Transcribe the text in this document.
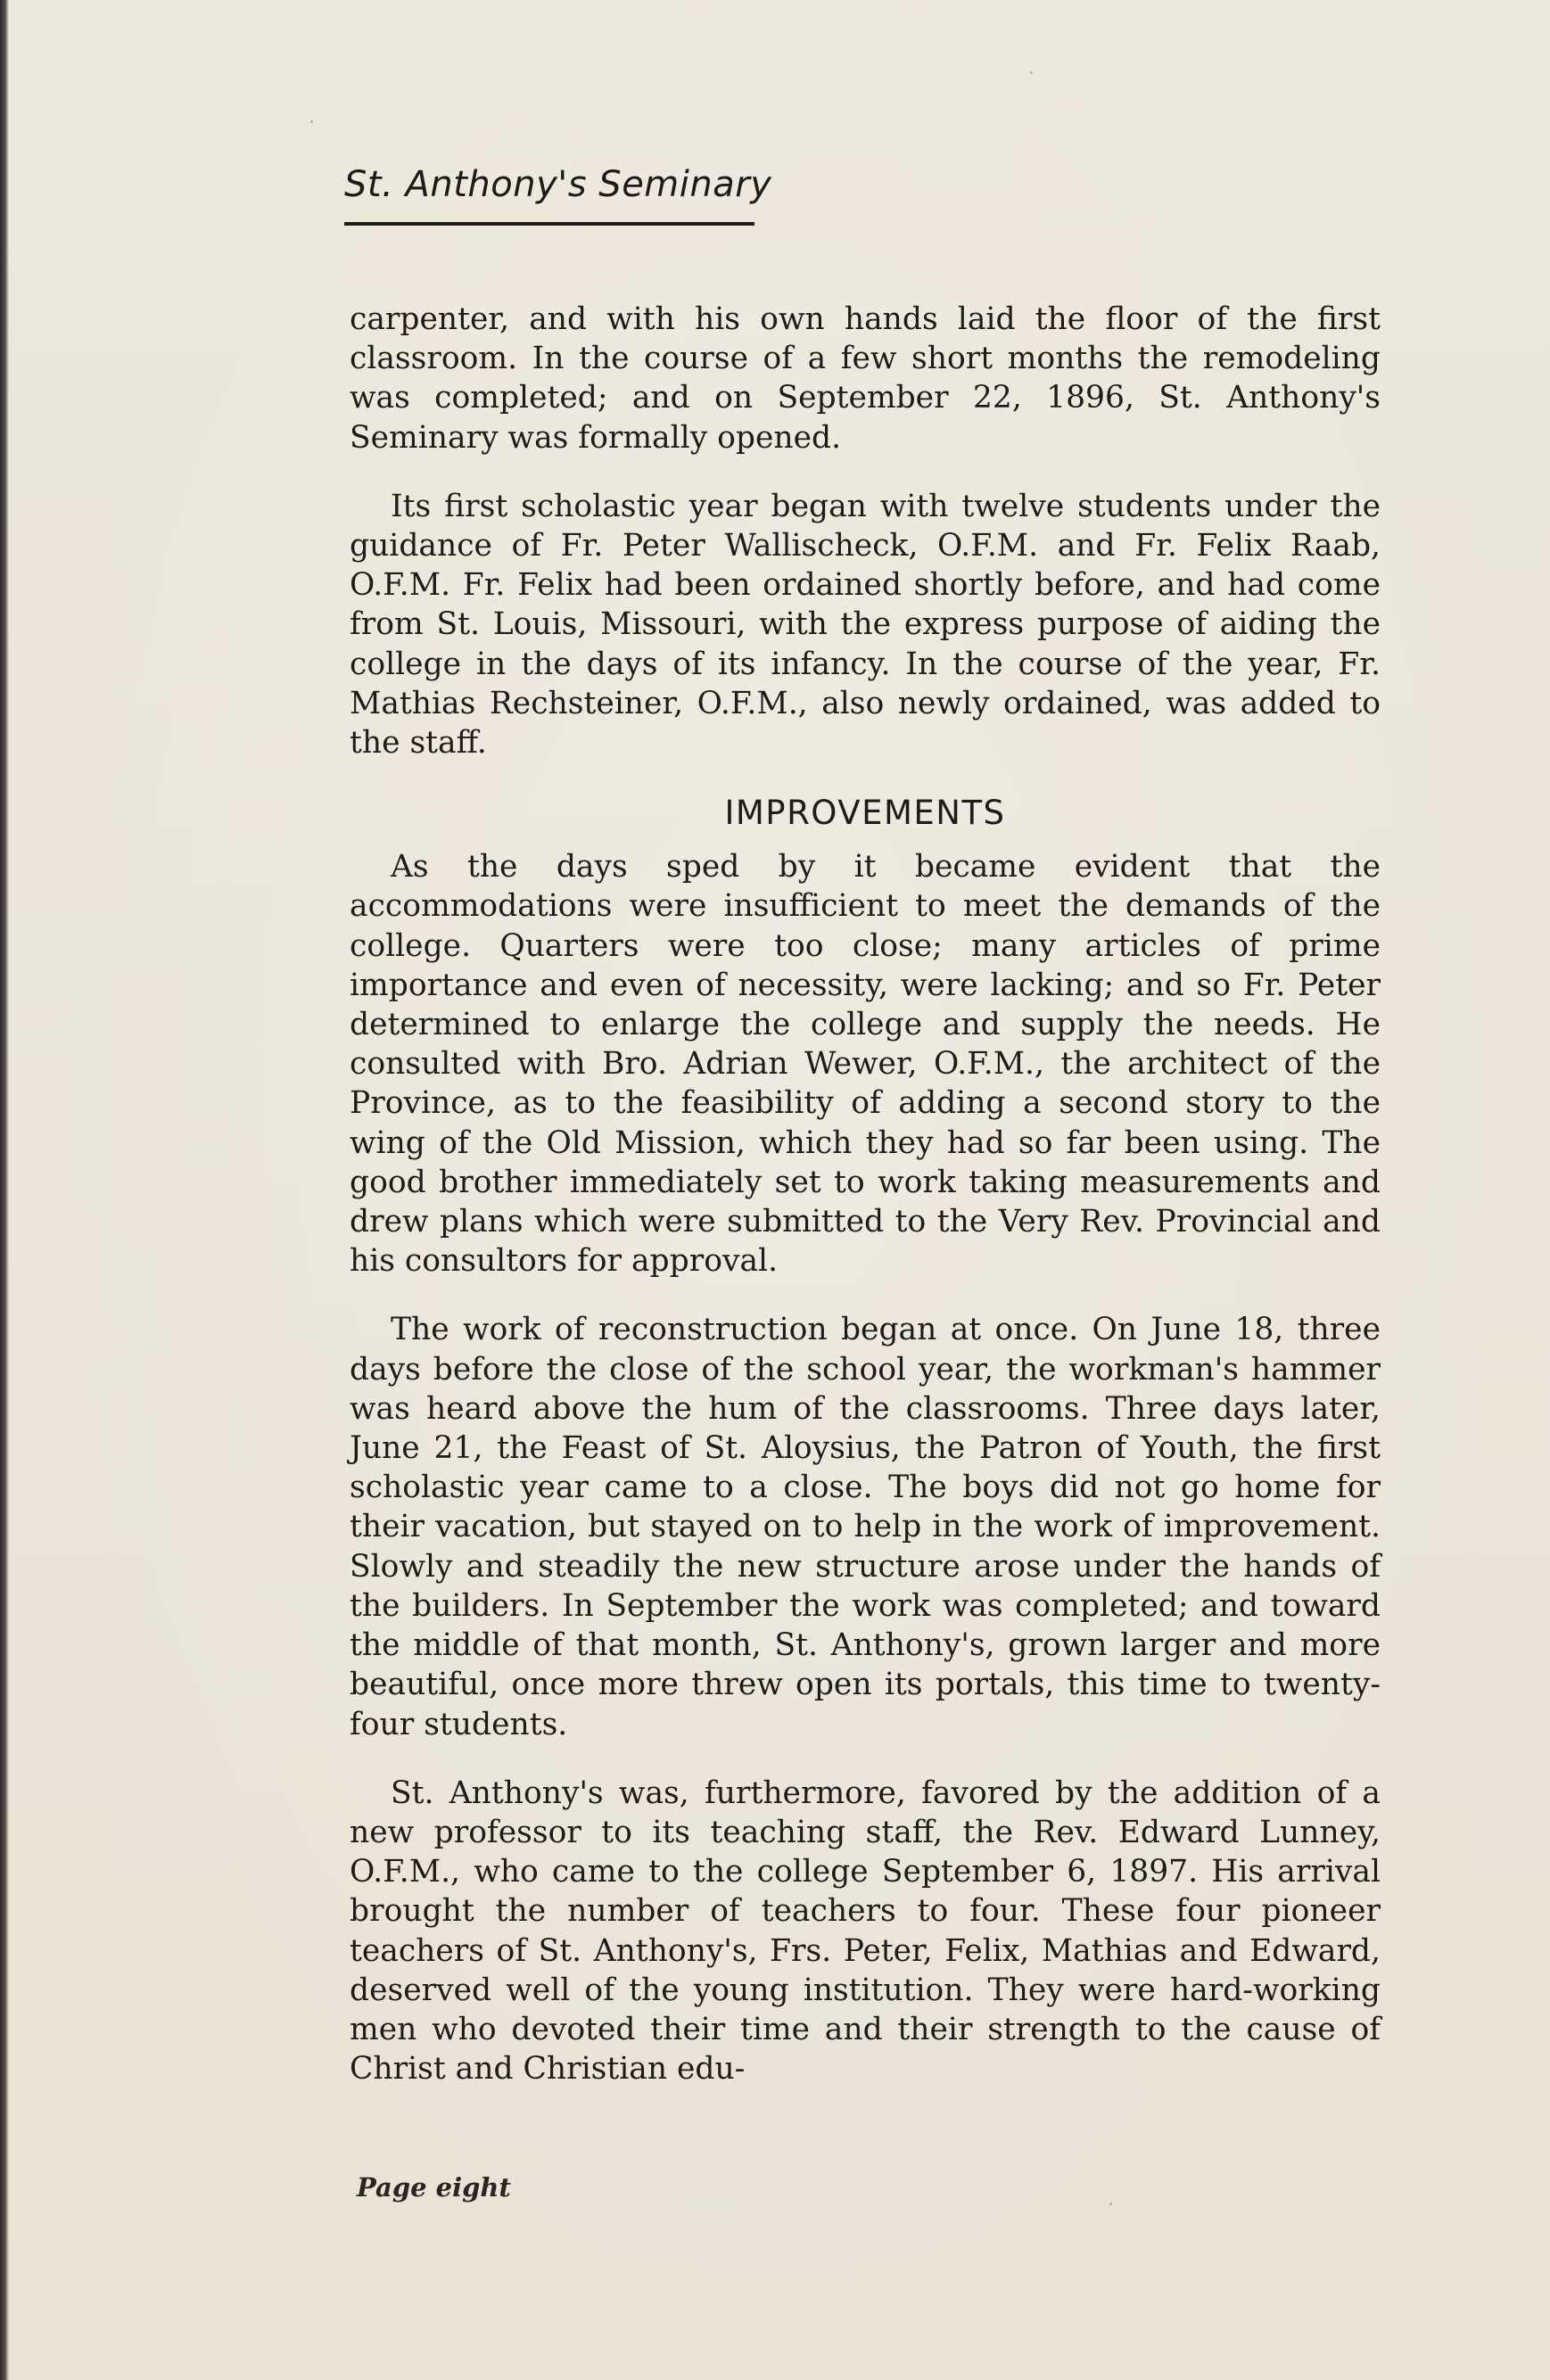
St. Anthony's Seminary

carpenter, and with his own hands laid the floor of the first classroom. In the course of a few short months the remodeling was completed; and on September 22, 1896, St. Anthony's Seminary was formally opened.

Its first scholastic year began with twelve students under the guidance of Fr. Peter Wallischeck, O.F.M. and Fr. Felix Raab, O.F.M. Fr. Felix had been ordained shortly before, and had come from St. Louis, Missouri, with the express purpose of aiding the college in the days of its infancy. In the course of the year, Fr. Mathias Rechsteiner, O.F.M., also newly ordained, was added to the staff.

IMPROVEMENTS

As the days sped by it became evident that the accommodations were insufficient to meet the demands of the college. Quarters were too close; many articles of prime importance and even of necessity, were lacking; and so Fr. Peter determined to enlarge the college and supply the needs. He consulted with Bro. Adrian Wewer, O.F.M., the architect of the Province, as to the feasibility of adding a second story to the wing of the Old Mission, which they had so far been using. The good brother immediately set to work taking measurements and drew plans which were submitted to the Very Rev. Provincial and his consultors for approval.

The work of reconstruction began at once. On June 18, three days before the close of the school year, the workman's hammer was heard above the hum of the classrooms. Three days later, June 21, the Feast of St. Aloysius, the Patron of Youth, the first scholastic year came to a close. The boys did not go home for their vacation, but stayed on to help in the work of improvement. Slowly and steadily the new structure arose under the hands of the builders. In September the work was completed; and toward the middle of that month, St. Anthony's, grown larger and more beautiful, once more threw open its portals, this time to twenty-four students.

St. Anthony's was, furthermore, favored by the addition of a new professor to its teaching staff, the Rev. Edward Lunney, O.F.M., who came to the college September 6, 1897. His arrival brought the number of teachers to four. These four pioneer teachers of St. Anthony's, Frs. Peter, Felix, Mathias and Edward, deserved well of the young institution. They were hard-working men who devoted their time and their strength to the cause of Christ and Christian edu-

Page eight
